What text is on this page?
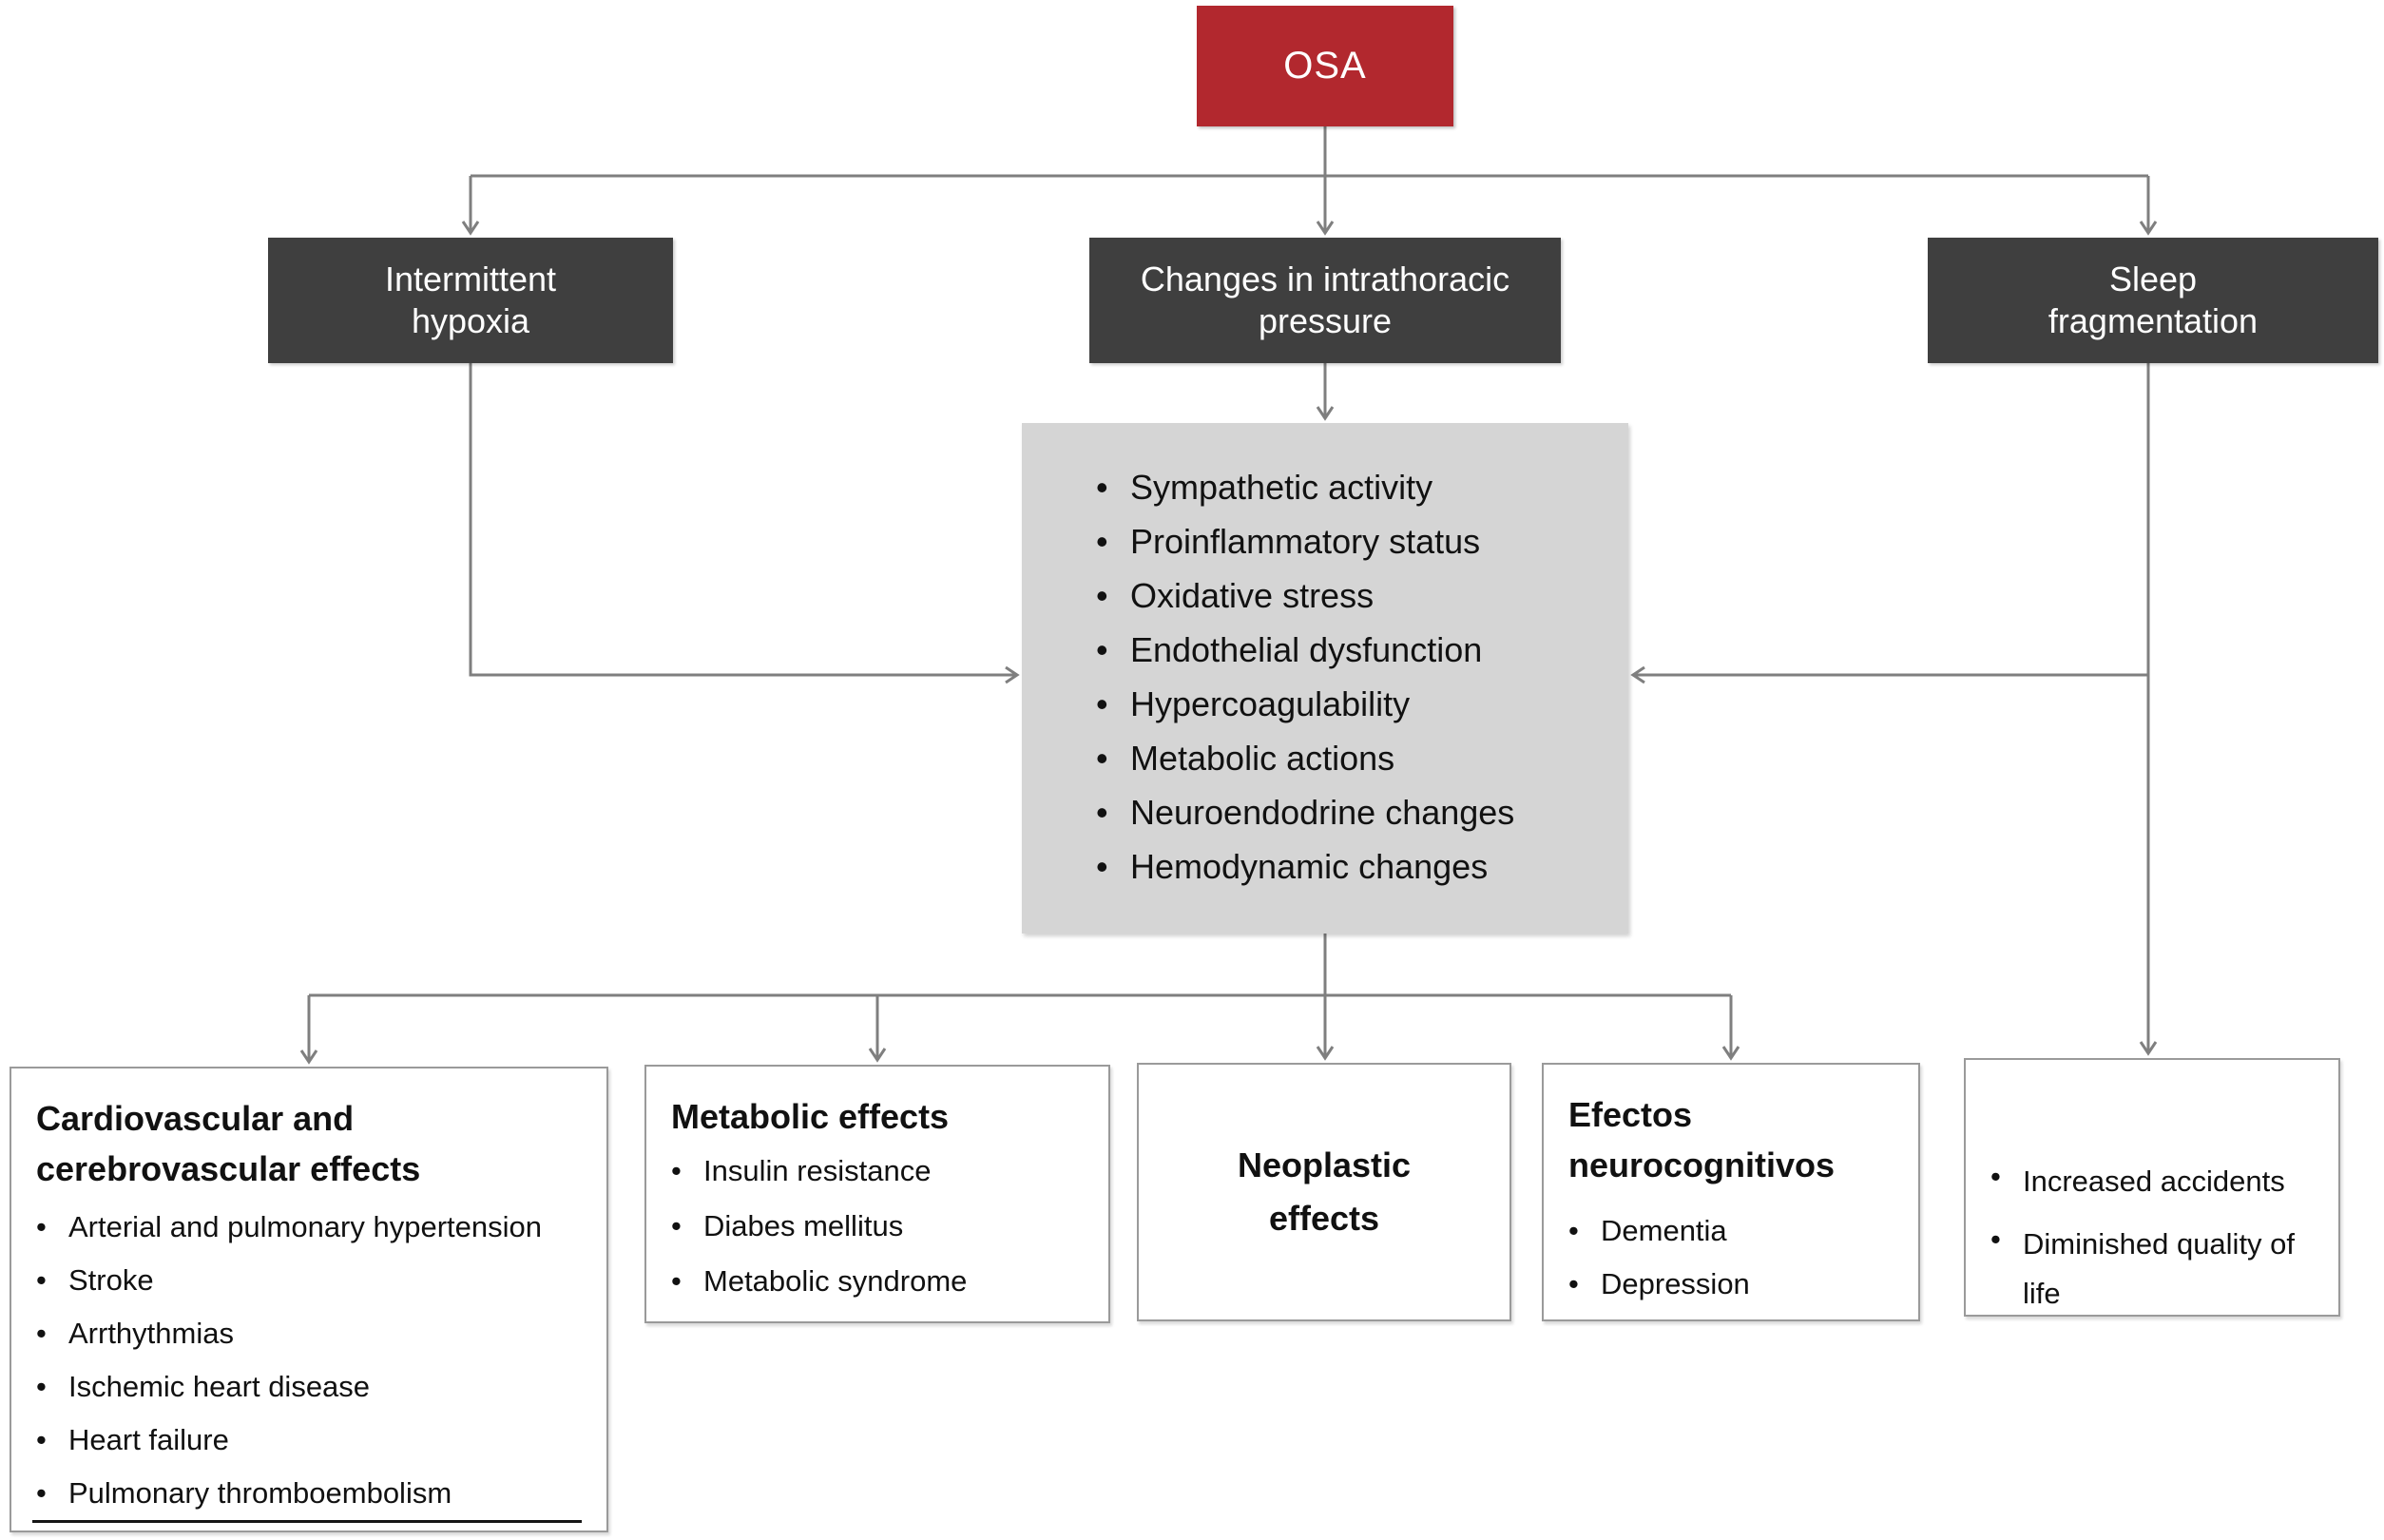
OSA
Intermittent hypoxia
Changes in intrathoracic pressure
Sleep fragmentation
• Sympathetic activity
• Proinflammatory status
• Oxidative stress
• Endothelial dysfunction
• Hypercoagulability
• Metabolic actions
• Neuroendodrine changes
• Hemodynamic changes
Cardiovascular and cerebrovascular effects
• Arterial and pulmonary hypertension
• Stroke
• Arrthythmias
• Ischemic heart disease
• Heart failure
• Pulmonary thromboembolism
Metabolic effects
• Insulin resistance
• Diabes mellitus
• Metabolic syndrome
Neoplastic effects
Efectos neurocognitivos
• Dementia
• Depression
• Increased accidents
• Diminished quality of life
